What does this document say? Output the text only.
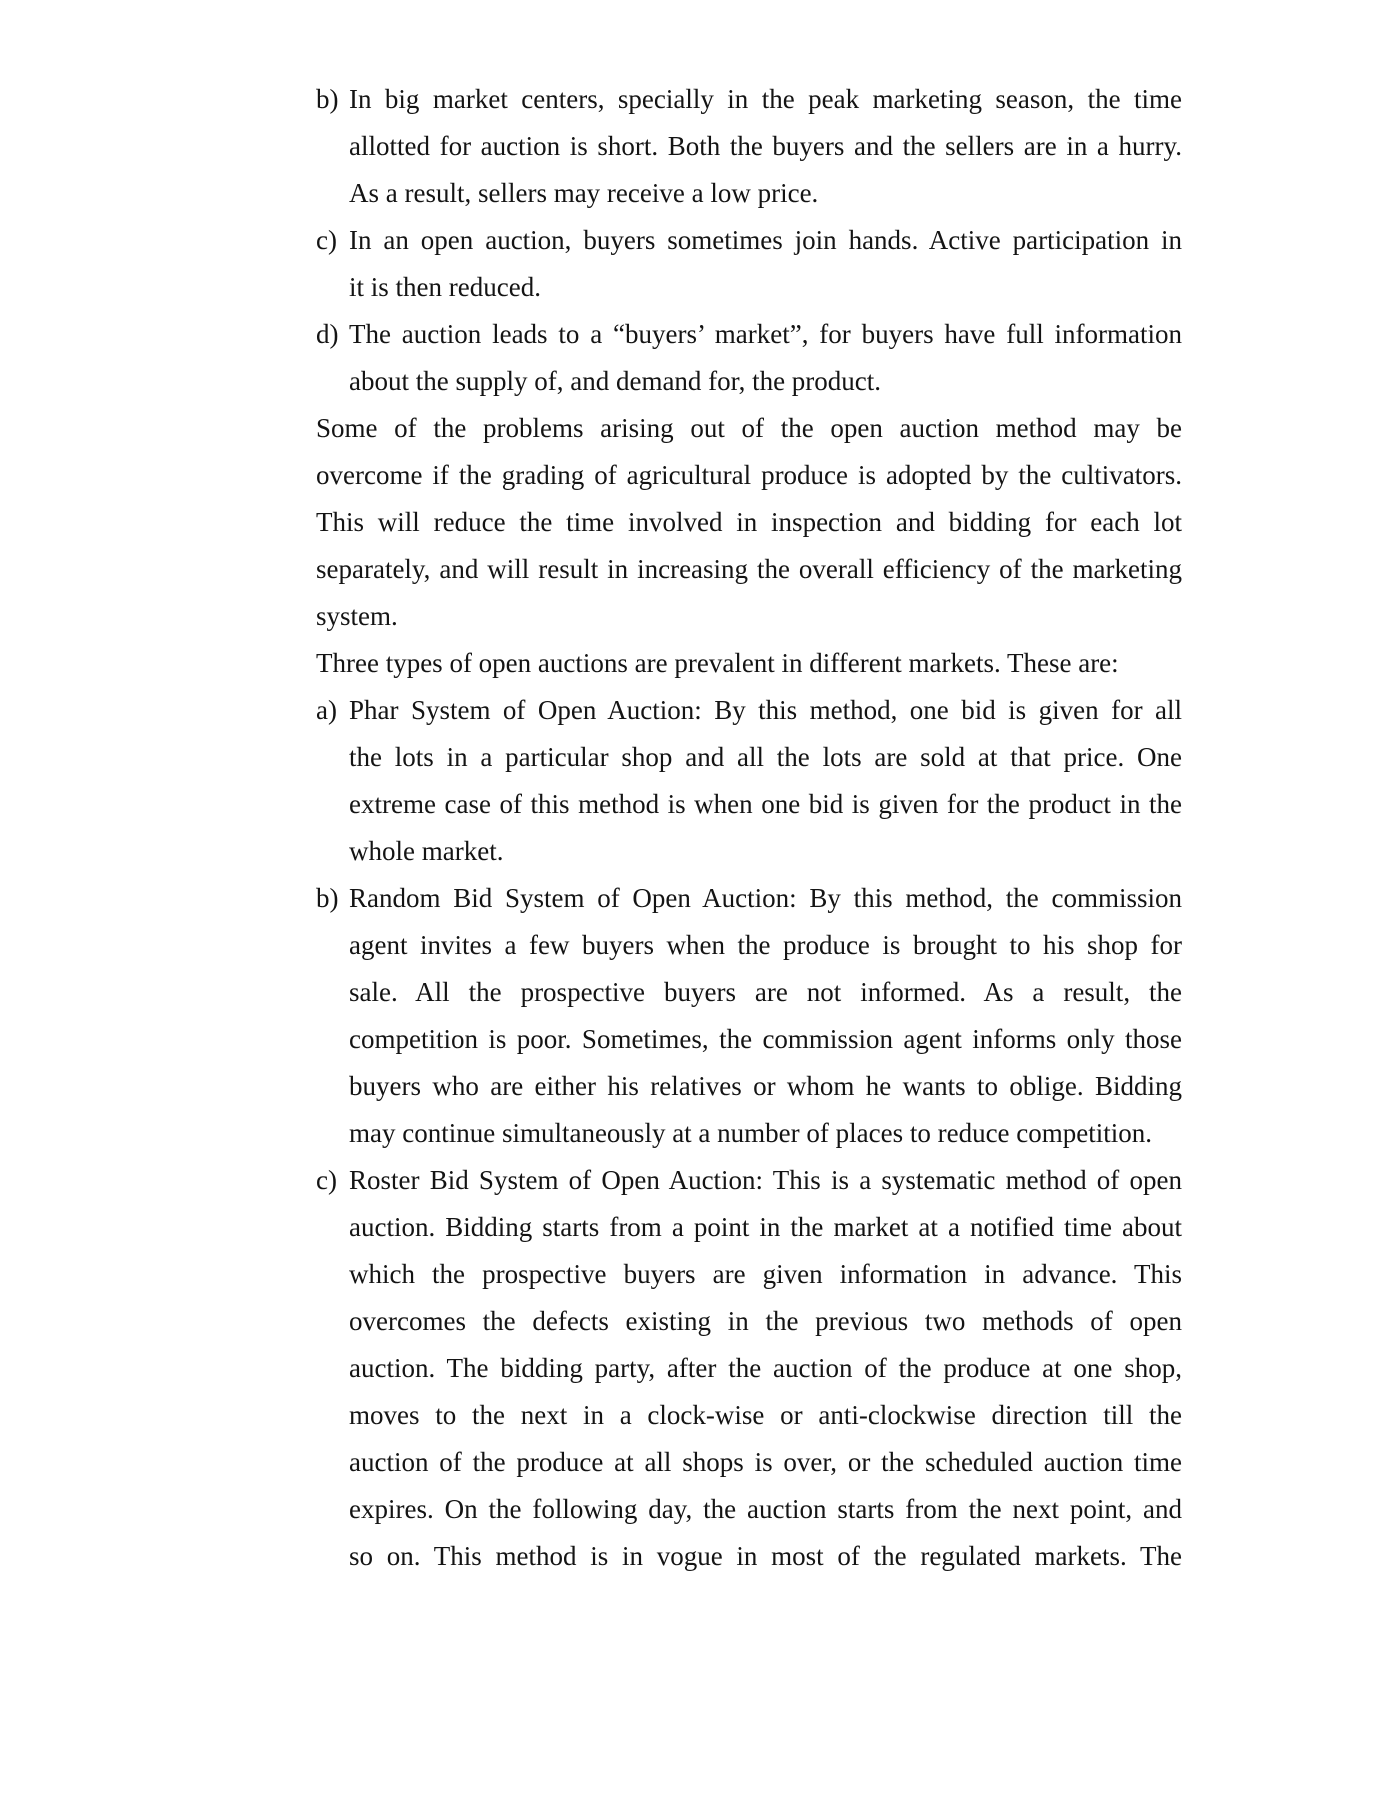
b) In big market centers, specially in the peak marketing season, the time
allotted for auction is short. Both the buyers and the sellers are in a hurry.
As a result, sellers may receive a low price.
c) In an open auction, buyers sometimes join hands. Active participation in
it is then reduced.
d) The auction leads to a “buyers’ market”, for buyers have full information
about the supply of, and demand for, the product.
Some of the problems arising out of the open auction method may be
overcome if the grading of agricultural produce is adopted by the cultivators.
This will reduce the time involved in inspection and bidding for each lot
separately, and will result in increasing the overall efficiency of the marketing
system.
Three types of open auctions are prevalent in different markets. These are:
a) Phar System of Open Auction: By this method, one bid is given for all
the lots in a particular shop and all the lots are sold at that price. One
extreme case of this method is when one bid is given for the product in the
whole market.
b) Random Bid System of Open Auction: By this method, the commission
agent invites a few buyers when the produce is brought to his shop for
sale. All the prospective buyers are not informed. As a result, the
competition is poor. Sometimes, the commission agent informs only those
buyers who are either his relatives or whom he wants to oblige. Bidding
may continue simultaneously at a number of places to reduce competition.
c) Roster Bid System of Open Auction: This is a systematic method of open
auction. Bidding starts from a point in the market at a notified time about
which the prospective buyers are given information in advance. This
overcomes the defects existing in the previous two methods of open
auction. The bidding party, after the auction of the produce at one shop,
moves to the next in a clock-wise or anti-clockwise direction till the
auction of the produce at all shops is over, or the scheduled auction time
expires. On the following day, the auction starts from the next point, and
so on. This method is in vogue in most of the regulated markets. The
